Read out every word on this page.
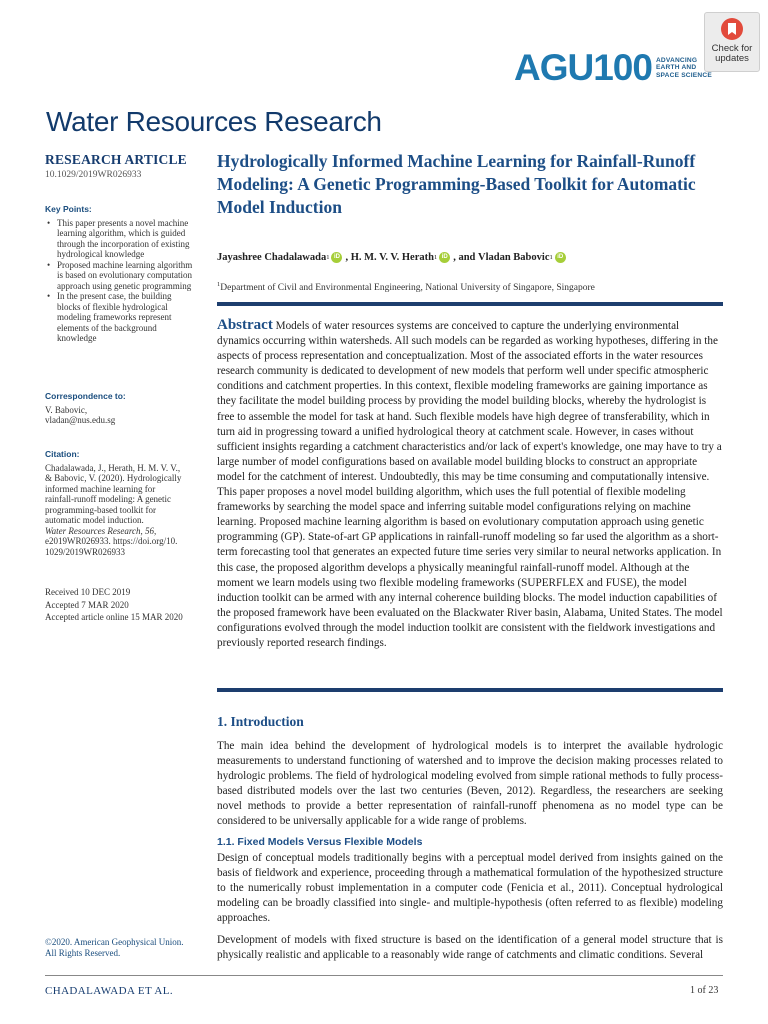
AGU100 ADVANCING
EARTH AND
SPACE SCIENCE
Check for
updates
Water Resources Research
RESEARCH ARTICLE
10.1029/2019WR026933
Key Points:
• This paper presents a novel machine learning algorithm, which is guided through the incorporation of existing hydrological knowledge
• Proposed machine learning algorithm is based on evolutionary computation approach using genetic programming
• In the present case, the building blocks of flexible hydrological modeling frameworks represent elements of the background knowledge
Correspondence to:
V. Babovic,
vladan@nus.edu.sg
Citation:
Chadalawada, J., Herath, H. M. V. V.,
& Babovic, V. (2020). Hydrologically
informed machine learning for
rainfall-runoff modeling: A genetic
programming-based toolkit for
automatic model induction.
Water Resources Research, 56,
e2019WR026933. https://doi.org/10.
1029/2019WR026933
Received 10 DEC 2019
Accepted 7 MAR 2020
Accepted article online 15 MAR 2020
Hydrologically Informed Machine Learning for Rainfall-Runoff Modeling: A Genetic Programming-Based Toolkit for Automatic Model Induction
Jayashree Chadalawada 1 iD , H. M. V. V. Herath 1 iD , and Vladan Babovic 1 iD
$^1$Department of Civil and Environmental Engineering, National University of Singapore, Singapore
Abstract Models of water resources systems are conceived to capture the underlying environmental dynamics occurring within watersheds. All such models can be regarded as working hypotheses, differing in the aspects of process representation and conceptualization. Most of the associated efforts in the water resources research community is dedicated to development of new models that perform well under specific atmospheric conditions and catchment properties. In this context, flexible modeling frameworks are gaining importance as they facilitate the model building process by providing the model building blocks, whereby the hydrologist is free to assemble the model for task at hand. Such flexible models have high degree of transferability, which in turn aid in progressing toward a unified hydrological theory at catchment scale. However, in cases without sufficient insights regarding a catchment characteristics and/or lack of expert's knowledge, one may have to try a large number of model configurations based on available model building blocks to construct an appropriate model for the catchment of interest. Undoubtedly, this may be time consuming and computationally intensive. This paper proposes a novel model building algorithm, which uses the full potential of flexible modeling frameworks by searching the model space and inferring suitable model configurations relying on machine learning. Proposed machine learning algorithm is based on evolutionary computation approach using genetic programming (GP). State-of-art GP applications in rainfall-runoff modeling so far used the algorithm as a short-term forecasting tool that generates an expected future time series very similar to neural networks application. In this case, the proposed algorithm develops a physically meaningful rainfall-runoff model. Although at the moment we learn models using two flexible modeling frameworks (SUPERFLEX and FUSE), the model induction toolkit can be armed with any internal coherence building blocks. The model induction capabilities of the proposed framework have been evaluated on the Blackwater River basin, Alabama, United States. The model configurations evolved through the model induction toolkit are consistent with the fieldwork investigations and previously reported research findings.
1. Introduction
The main idea behind the development of hydrological models is to interpret the available hydrologic measurements to understand functioning of watershed and to improve the decision making processes related to hydrologic problems. The field of hydrological modeling evolved from simple rational methods to fully process-based distributed models over the last two centuries (Beven, 2012). Regardless, the researchers are seeking novel methods to provide a better representation of rainfall-runoff phenomena as no model type can be considered to be universally applicable for a wide range of problems.
1.1. Fixed Models Versus Flexible Models
Design of conceptual models traditionally begins with a perceptual model derived from insights gained on the basis of fieldwork and experience, proceeding through a mathematical formulation of the hypothesized structure to the numerically robust implementation in a computer code (Fenicia et al., 2011). Conceptual hydrological modeling can be broadly classified into single- and multiple-hypothesis (often referred to as flexible) modeling approaches.
Development of models with fixed structure is based on the identification of a general model structure that is physically realistic and applicable to a reasonably wide range of catchments and climatic conditions. Several
©2020. American Geophysical Union.
All Rights Reserved.
CHADALAWADA ET AL.	1 of 23
